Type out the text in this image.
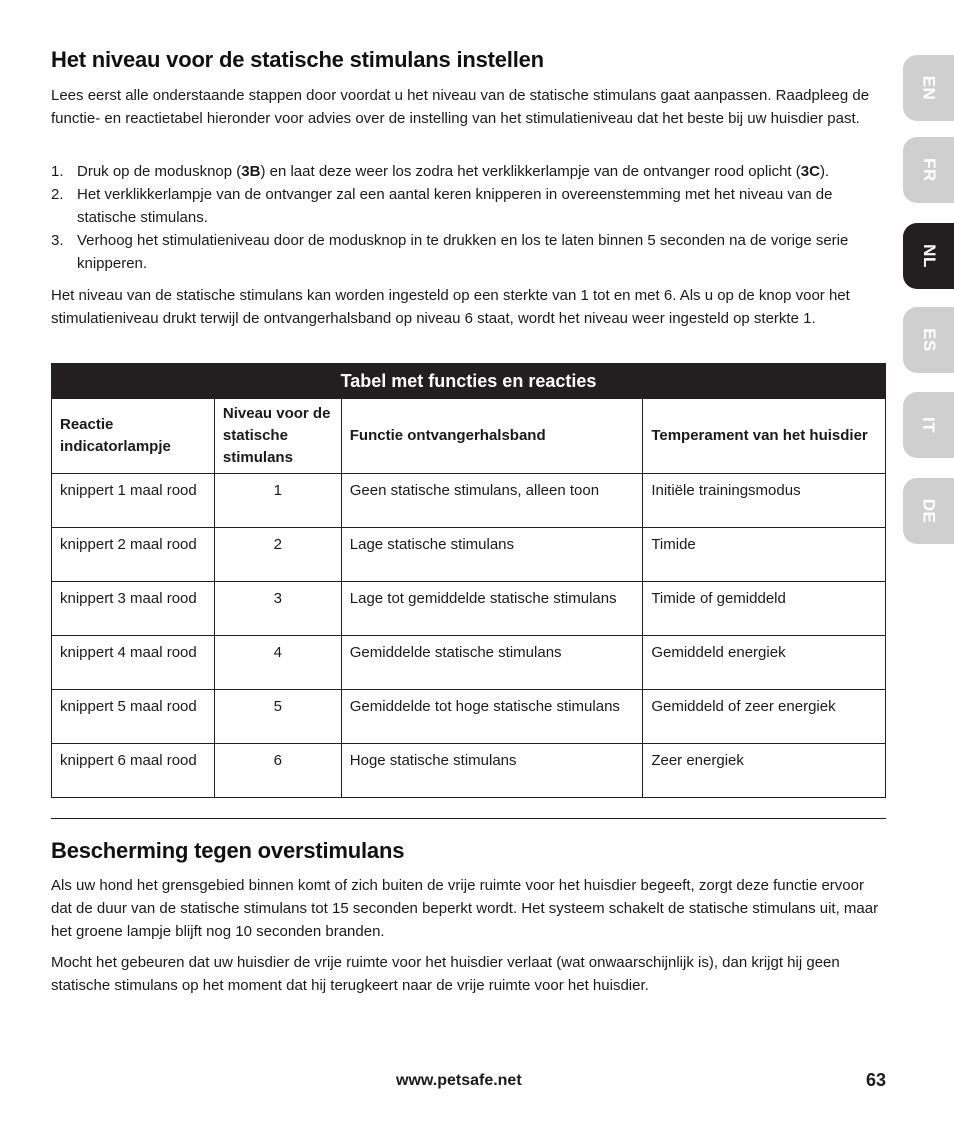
Het niveau voor de statische stimulans instellen

Lees eerst alle onderstaande stappen door voordat u het niveau van de statische stimulans gaat aanpassen. Raadpleeg de functie- en reactietabel hieronder voor advies over de instelling van het stimulatieniveau dat het beste bij uw huisdier past.

1. Druk op de modusknop (3B) en laat deze weer los zodra het verklikkerlampje van de ontvanger rood oplicht (3C).
2. Het verklikkerlampje van de ontvanger zal een aantal keren knipperen in overeenstemming met het niveau van de statische stimulans.
3. Verhoog het stimulatieniveau door de modusknop in te drukken en los te laten binnen 5 seconden na de vorige serie knipperen.

Het niveau van de statische stimulans kan worden ingesteld op een sterkte van 1 tot en met 6. Als u op de knop voor het stimulatieniveau drukt terwijl de ontvangerhalsband op niveau 6 staat, wordt het niveau weer ingesteld op sterkte 1.

Tabel met functies en reacties			
Reactie indicatorlampje	Niveau voor de statische stimulans	Functie ontvangerhalsband	Temperament van het huisdier
knippert 1 maal rood	1	Geen statische stimulans, alleen toon	Initiële trainingsmodus
knippert 2 maal rood	2	Lage statische stimulans	Timide
knippert 3 maal rood	3	Lage tot gemiddelde statische stimulans	Timide of gemiddeld
knippert 4 maal rood	4	Gemiddelde statische stimulans	Gemiddeld energiek
knippert 5 maal rood	5	Gemiddelde tot hoge statische stimulans	Gemiddeld of zeer energiek
knippert 6 maal rood	6	Hoge statische stimulans	Zeer energiek
Bescherming tegen overstimulans

Als uw hond het grensgebied binnen komt of zich buiten de vrije ruimte voor het huisdier begeeft, zorgt deze functie ervoor dat de duur van de statische stimulans tot 15 seconden beperkt wordt. Het systeem schakelt de statische stimulans uit, maar het groene lampje blijft nog 10 seconden branden.

Mocht het gebeuren dat uw huisdier de vrije ruimte voor het huisdier verlaat (wat onwaarschijnlijk is), dan krijgt hij geen statische stimulans op het moment dat hij terugkeert naar de vrije ruimte voor het huisdier.

www.petsafe.net	63
EN
FR
NL
ES
IT
DE
